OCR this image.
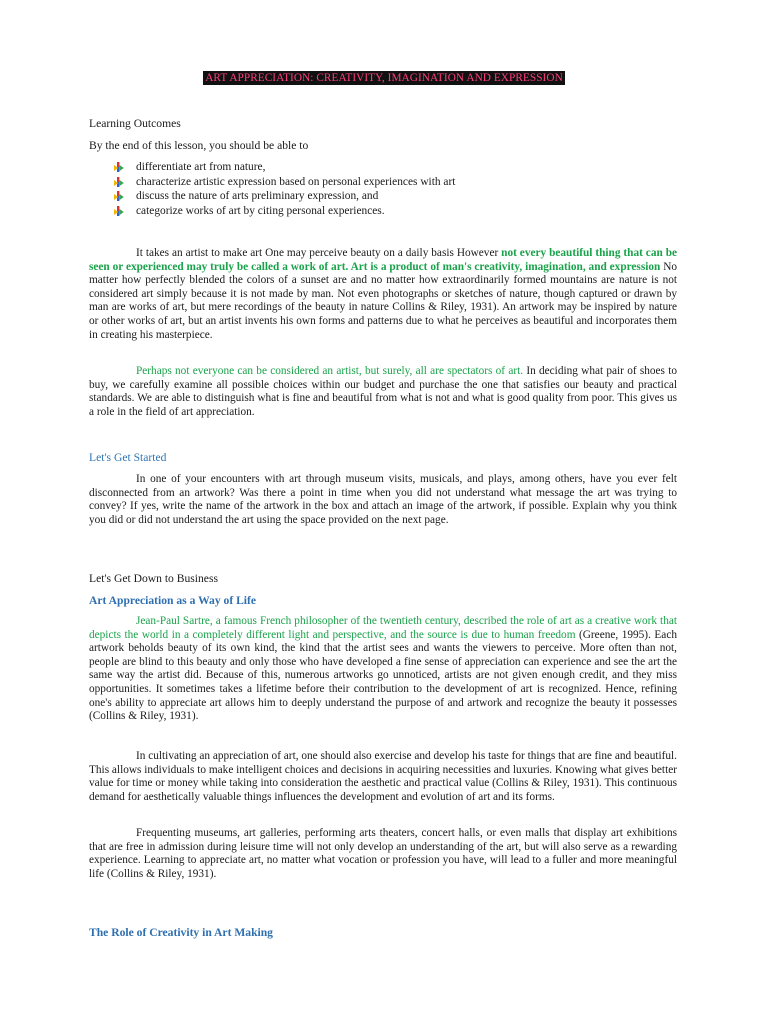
ART APPRECIATION: CREATIVITY, IMAGINATION AND EXPRESSION
Learning Outcomes
By the end of this lesson, you should be able to
differentiate art from nature,
characterize artistic expression based on personal experiences with art
discuss the nature of arts preliminary expression, and
categorize works of art by citing personal experiences.
It takes an artist to make art One may perceive beauty on a daily basis However not every beautiful thing that can be seen or experienced may truly be called a work of art. Art is a product of man's creativity, imagination, and expression No matter how perfectly blended the colors of a sunset are and no matter how extraordinarily formed mountains are nature is not considered art simply because it is not made by man. Not even photographs or sketches of nature, though captured or drawn by man are works of art, but mere recordings of the beauty in nature Collins & Riley, 1931). An artwork may be inspired by nature or other works of art, but an artist invents his own forms and patterns due to what he perceives as beautiful and incorporates them in creating his masterpiece.
Perhaps not everyone can be considered an artist, but surely, all are spectators of art. In deciding what pair of shoes to buy, we carefully examine all possible choices within our budget and purchase the one that satisfies our beauty and practical standards. We are able to distinguish what is fine and beautiful from what is not and what is good quality from poor. This gives us a role in the field of art appreciation.
Let's Get Started
In one of your encounters with art through museum visits, musicals, and plays, among others, have you ever felt disconnected from an artwork? Was there a point in time when you did not understand what message the art was trying to convey? If yes, write the name of the artwork in the box and attach an image of the artwork, if possible. Explain why you think you did or did not understand the art using the space provided on the next page.
Let's Get Down to Business
Art Appreciation as a Way of Life
Jean-Paul Sartre, a famous French philosopher of the twentieth century, described the role of art as a creative work that depicts the world in a completely different light and perspective, and the source is due to human freedom (Greene, 1995). Each artwork beholds beauty of its own kind, the kind that the artist sees and wants the viewers to perceive. More often than not, people are blind to this beauty and only those who have developed a fine sense of appreciation can experience and see the art the same way the artist did. Because of this, numerous artworks go unnoticed, artists are not given enough credit, and they miss opportunities. It sometimes takes a lifetime before their contribution to the development of art is recognized. Hence, refining one's ability to appreciate art allows him to deeply understand the purpose of and artwork and recognize the beauty it possesses (Collins & Riley, 1931).
In cultivating an appreciation of art, one should also exercise and develop his taste for things that are fine and beautiful. This allows individuals to make intelligent choices and decisions in acquiring necessities and luxuries. Knowing what gives better value for time or money while taking into consideration the aesthetic and practical value (Collins & Riley, 1931). This continuous demand for aesthetically valuable things influences the development and evolution of art and its forms.
Frequenting museums, art galleries, performing arts theaters, concert halls, or even malls that display art exhibitions that are free in admission during leisure time will not only develop an understanding of the art, but will also serve as a rewarding experience. Learning to appreciate art, no matter what vocation or profession you have, will lead to a fuller and more meaningful life (Collins & Riley, 1931).
The Role of Creativity in Art Making
